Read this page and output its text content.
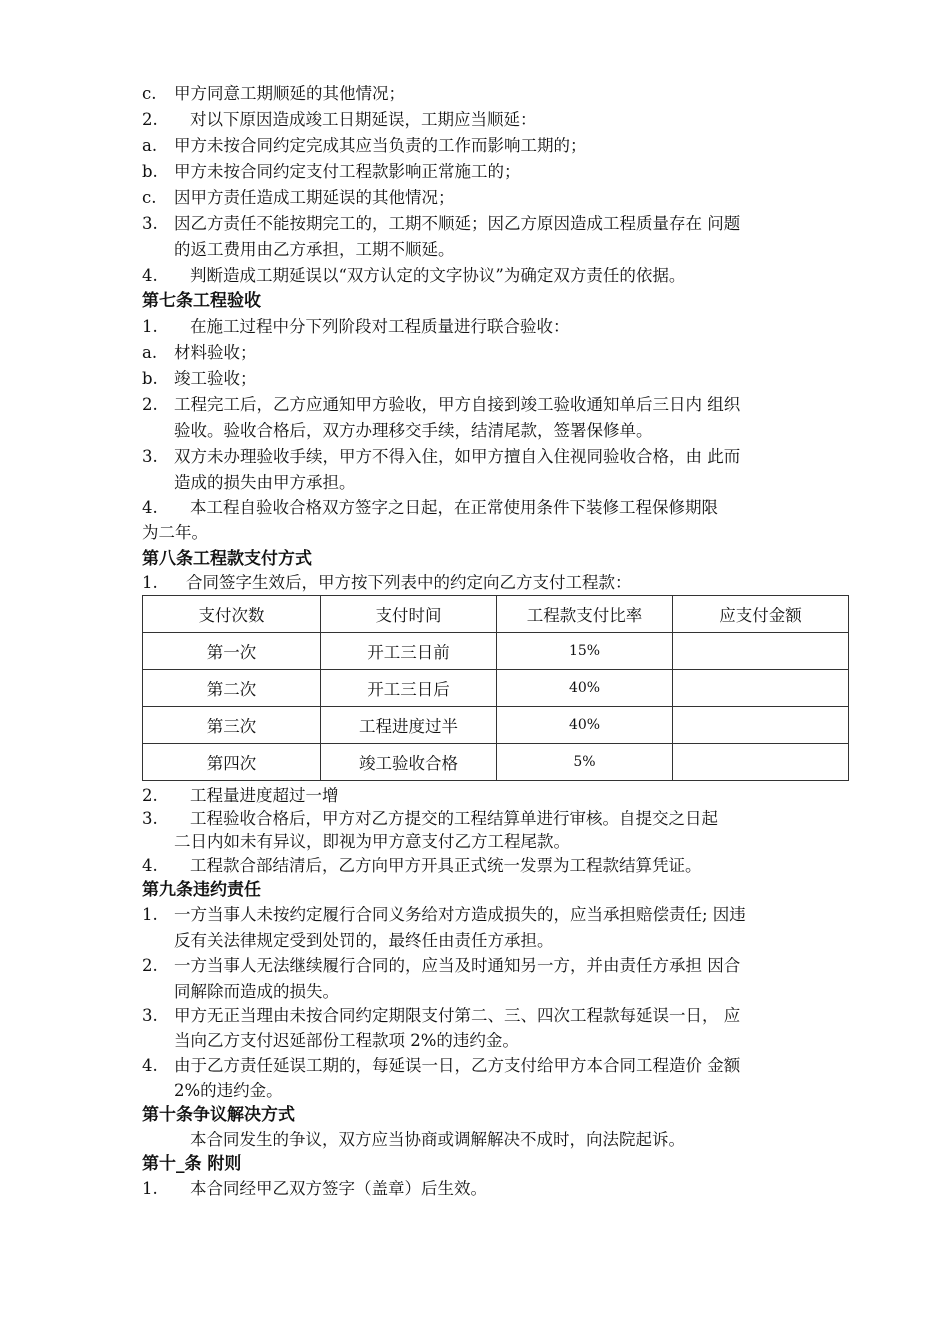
c. 甲方同意工期顺延的其他情况；
2. 对以下原因造成竣工日期延误，工期应当顺延：
a. 甲方未按合同约定完成其应当负责的工作而影响工期的；
b. 甲方未按合同约定支付工程款影响正常施工的；
c. 因甲方责任造成工期延误的其他情况；
3. 因乙方责任不能按期完工的，工期不顺延；因乙方原因造成工程质量存在 问题
的返工费用由乙方承担，工期不顺延。
4. 判断造成工期延误以“双方认定的文字协议”为确定双方责任的依据。
第七条工程验收
1. 在施工过程中分下列阶段对工程质量进行联合验收：
a. 材料验收；
b. 竣工验收；
2. 工程完工后，乙方应通知甲方验收，甲方自接到竣工验收通知单后三日内 组织
验收。验收合格后，双方办理移交手续，结清尾款，签署保修单。
3. 双方未办理验收手续，甲方不得入住，如甲方擅自入住视同验收合格，由 此而
造成的损失由甲方承担。
4. 本工程自验收合格双方签字之日起，在正常使用条件下装修工程保修期限
为二年。
第八条工程款支付方式
1. 合同签字生效后，甲方按下列表中的约定向乙方支付工程款：
支付次数	支付时间	工程款支付比率	应支付金额
第一次	开工三日前	15%	
第二次	开工三日后	40%	
第三次	工程进度过半	40%	
第四次	竣工验收合格	5%	
2. 工程量进度超过一增
3. 工程验收合格后，甲方对乙方提交的工程结算单进行审核。自提交之日起
二日内如未有异议，即视为甲方意支付乙方工程尾款。
4. 工程款合部结清后，乙方向甲方开具正式统一发票为工程款结算凭证。
第九条违约责任
1. 一方当事人未按约定履行合同义务给对方造成损失的，应当承担赔偿责任; 因违
反有关法律规定受到处罚的，最终任由责任方承担。
2. 一方当事人无法继续履行合同的，应当及时通知另一方，并由责任方承担 因合
同解除而造成的损失。
3. 甲方无正当理由未按合同约定期限支付第二、三、四次工程款每延误一日， 应
当向乙方支付迟延部份工程款项 2%的违约金。
4. 由于乙方责任延误工期的，每延误一日，乙方支付给甲方本合同工程造价 金额
2%的违约金。
第十条争议解决方式
本合同发生的争议，双方应当协商或调解解决不成时，向法院起诉。
第十_条 附则
1. 本合同经甲乙双方签字（盖章）后生效。
